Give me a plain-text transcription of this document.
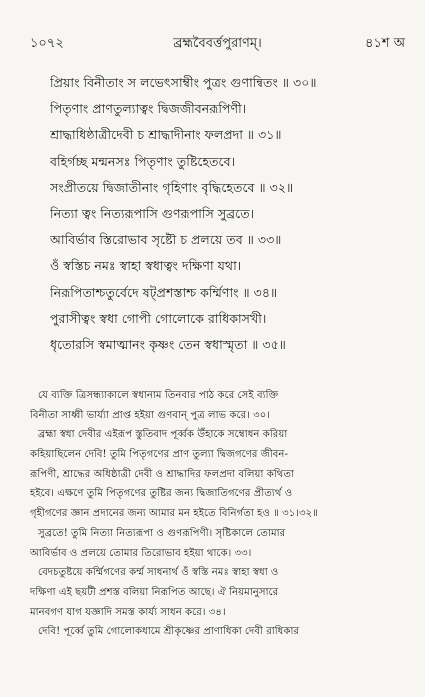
১০৭২	ব্রহ্মবৈবর্ত্তপুরাণম্।	৪১শ অ
প্রিয়াং বিনীতাং স লভেৎসাম্বীং পুত্রং গুণান্বিতং ॥ ৩০॥
পিতৃণাং প্রাণতুল্যাত্বং দ্বিজজীবনরূপিণী।
শ্রাদ্ধাধিষ্ঠাত্রীদেবী চ শ্রাদ্ধাদীনাং ফলপ্রদা ॥ ৩১॥
বহির্গচ্ছ মন্মনসঃ পিতৃণাং তুষ্টিহেতবে।
সংপ্রীতয়ে দ্বিজাতীনাং গৃহিণাং বৃদ্ধিহেতবে ॥ ৩২॥
নিত্যা ত্বং নিত্যরূপাসি গুণরূপাসি সুব্রতে।
আবির্ভাব স্তিরোভাব সৃষ্টৌ চ প্রলয়ে তব ॥ ৩৩॥
ওঁ স্বস্তিচ নমঃ স্বাহা স্বধাত্বং দক্ষিণা যথা।
নিরূপিতাশ্চতুর্বেদে ষট্‌প্রশস্তাশ্চ কর্ম্মিণাং ॥ ৩৪॥
পুরাসীত্বং স্বধা গোপী গোলোকে রাধিকাসখী।
ধৃতোরসি স্বমাত্মানং কৃষ্ণং তেন স্বধাস্মৃতা ॥ ৩৫॥
যে ব্যক্তি ত্রিসন্ধ্যাকালে স্বধানাম তিনবার পাঠ করে সেই ব্যক্তি
বিনীতা সাধ্বী ভার্য্যা প্রাপ্ত হইয়া গুণবান্ পুত্র লাভ করে। ৩০।
ব্রহ্মা স্বধা দেবীর এইরূপ স্তুতিবাদ পূর্ব্বক উঁহাকে সম্বোধন করিয়া
কহিয়াছিলেন দেবি! তুমি পিতৃগণের প্রাণ তুল্যা দ্বিজগণের জীবন-
রূপিণী, শ্রাদ্ধের অধিষ্ঠাত্রী দেবী ও শ্রাদ্ধাদির ফলপ্রদা বলিয়া কথিতা
হইবে। এক্ষণে তুমি পিতৃগণের তুষ্টির জন্য দ্বিজাতিগণের প্রীত্যর্থ ও
গৃহীগণের জ্ঞান প্রদানের জন্য আমার মন হইতে বিনির্গতা হও ॥ ৩১।৩২॥
সুব্রতে! তুমি নিত্যা নিত্যরূপা ও গুণরূপিণী। সৃষ্টিকালে তোমার
আবির্ভাব ও প্রলয়ে তোমার তিরোভাব হইয়া থাকে। ৩৩।
বেদচতুষ্টয়ে কর্ম্মিগণের কর্ম্ম সাধনার্থ ওঁ স্বস্তি নমঃ স্বাহা স্বধা ও
দক্ষিণা এই ছয়টী প্রশস্ত বলিয়া নিরূপিত আছে। ঐ নিয়মানুসারে
মানবগণ যাগ যজ্ঞাদি সমস্ত কার্য্য সাধন করে। ৩৪।
দেবি! পূর্ব্বে তুমি গোলোকধামে শ্রীকৃষ্ণের প্রাণাধিকা দেবী রাধিকার
